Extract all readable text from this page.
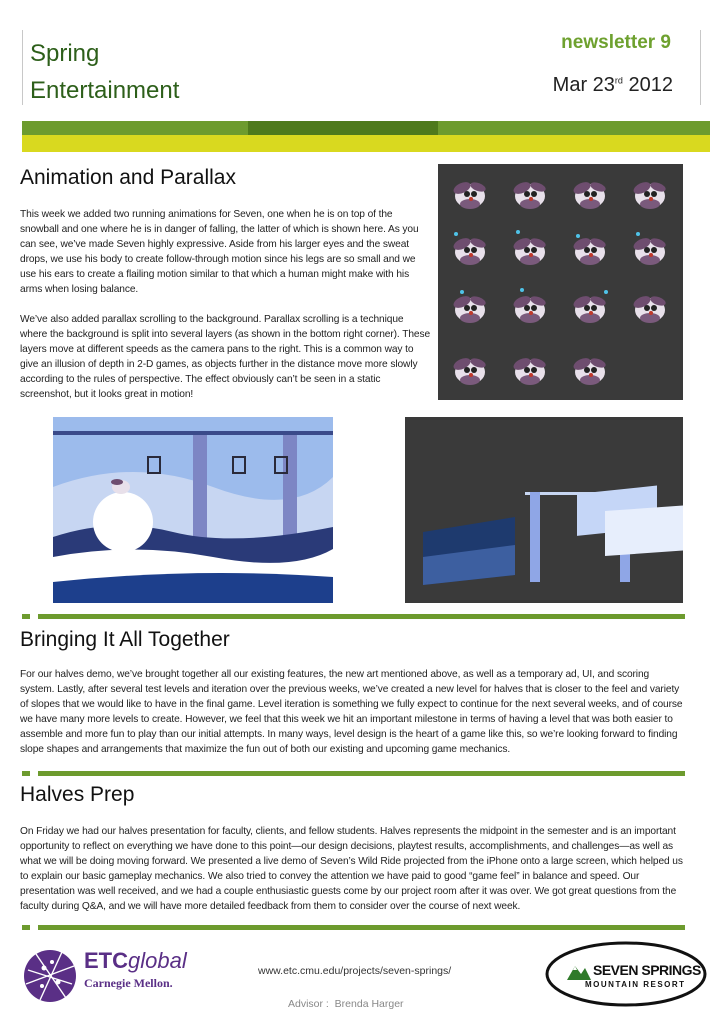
Spring
Entertainment
newsletter 9
Mar 23rd 2012
Animation and Parallax

This week we added two running animations for Seven, one when he is on top of the snowball and one where he is in danger of falling, the latter of which is shown here. As you can see, we’ve made Seven highly expressive. Aside from his larger eyes and the sweat drops, we use his body to create follow-through motion since his legs are so small and we use his ears to create a flailing motion similar to that which a human might make with his arms when losing balance.

We’ve also added parallax scrolling to the background. Parallax scrolling is a technique where the background is split into several layers (as shown in the bottom right corner). These layers move at different speeds as the camera pans to the right. This is a common way to give an illusion of depth in 2-D games, as objects further in the distance move more slowly according to the rules of perspective. The effect obviously can’t be seen in a static screenshot, but it looks great in motion!

Bringing It All Together

For our halves demo, we’ve brought together all our existing features, the new art mentioned above, as well as a temporary ad, UI, and scoring system. Lastly, after several test levels and iteration over the previous weeks, we’ve created a new level for halves that is closer to the feel and variety of slopes that we would like to have in the final game. Level iteration is something we fully expect to continue for the next several weeks, and of course we have many more levels to create. However, we feel that this week we hit an important milestone in terms of having a level that was both easier to assemble and more fun to play than our initial attempts. In many ways, level design is the heart of a game like this, so we’re looking forward to finding slope shapes and arrangements that maximize the fun out of both our existing and upcoming game mechanics.

Halves Prep

On Friday we had our halves presentation for faculty, clients, and fellow students. Halves represents the midpoint in the semester and is an important opportunity to reflect on everything we have done to this point—our design decisions, playtest results, accomplishments, and challenges—as well as what we will be doing moving forward. We presented a live demo of Seven’s Wild Ride projected from the iPhone onto a large screen, which helped us to explain our basic gameplay mechanics. We also tried to convey the attention we have paid to good “game feel” in balance and speed. Our presentation was well received, and we had a couple enthusiastic guests come by our project room after it was over. We got great questions from the faculty during Q&A, and we will have more detailed feedback from them to consider over the course of next week.

ETCglobal
Carnegie Mellon.
www.etc.cmu.edu/projects/seven-springs/
Advisor :  Brenda Harger
SEVEN SPRINGS
MOUNTAIN RESORT
